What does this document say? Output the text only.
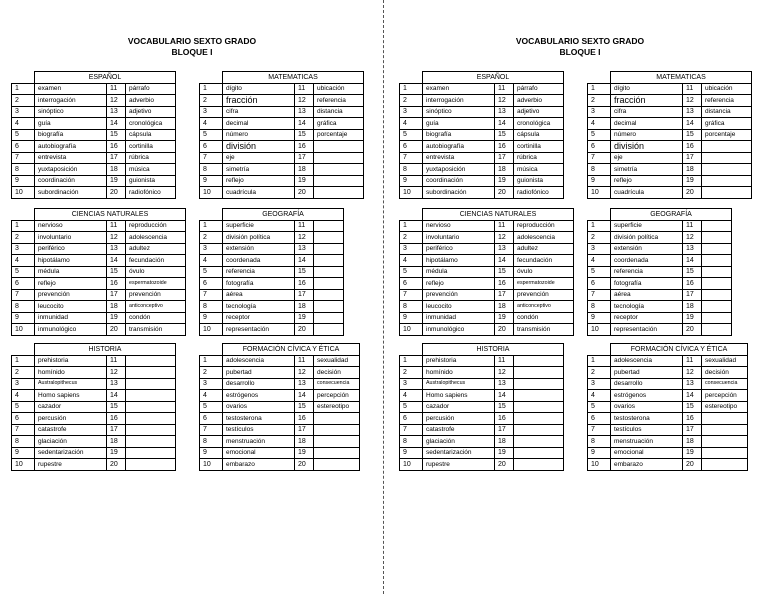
VOCABULARIO SEXTO GRADO
BLOQUE I
	ESPAÑOL		
1	examen	11	párrafo
2	interrogación	12	adverbio
3	sinóptico	13	adjetivo
4	guía	14	cronológica
5	biografía	15	cápsula
6	autobiografía	16	cortinilla
7	entrevista	17	rúbrica
8	yuxtaposición	18	música
9	coordinación	19	guionista
10	subordinación	20	radiofónico
	MATEMATICAS		
1	dígito	11	ubicación
2	fracción	12	referencia
3	cifra	13	distancia
4	decimal	14	gráfica
5	número	15	porcentaje
6	división	16	
7	eje	17	
8	simetría	18	
9	reflejo	19	
10	cuadrícula	20	
	CIENCIAS NATURALES		
1	nervioso	11	reproducción
2	involuntario	12	adolescencia
3	periférico	13	adultez
4	hipotálamo	14	fecundación
5	médula	15	óvulo
6	reflejo	16	espermatozoide
7	prevención	17	prevención
8	leucocito	18	anticonceptivo
9	inmunidad	19	condón
10	inmunológico	20	transmisión
	GEOGRAFÍA		
1	superficie	11	
2	división política	12	
3	extensión	13	
4	coordenada	14	
5	referencia	15	
6	fotografía	16	
7	aérea	17	
8	tecnología	18	
9	receptor	19	
10	representación	20	
	HISTORIA		
1	prehistoria	11	
2	homínido	12	
3	Australopithecus	13	
4	Homo sapiens	14	
5	cazador	15	
6	percusión	16	
7	catastrofe	17	
8	glaciación	18	
9	sedentarización	19	
10	rupestre	20	
	FORMACIÓN CÍVICA Y ÉTICA		
1	adolescencia	11	sexualidad
2	pubertad	12	decisión
3	desarrollo	13	consecuencia
4	estrógenos	14	percepción
5	ovarios	15	estereotipo
6	testosterona	16	
7	testículos	17	
8	menstruación	18	
9	emocional	19	
10	embarazo	20	
VOCABULARIO SEXTO GRADO
BLOQUE I
	ESPAÑOL		
1	examen	11	párrafo
2	interrogación	12	adverbio
3	sinóptico	13	adjetivo
4	guía	14	cronológica
5	biografía	15	cápsula
6	autobiografía	16	cortinilla
7	entrevista	17	rúbrica
8	yuxtaposición	18	música
9	coordinación	19	guionista
10	subordinación	20	radiofónico
	MATEMATICAS		
1	dígito	11	ubicación
2	fracción	12	referencia
3	cifra	13	distancia
4	decimal	14	gráfica
5	número	15	porcentaje
6	división	16	
7	eje	17	
8	simetría	18	
9	reflejo	19	
10	cuadrícula	20	
	CIENCIAS NATURALES		
1	nervioso	11	reproducción
2	involuntario	12	adolescencia
3	periférico	13	adultez
4	hipotálamo	14	fecundación
5	médula	15	óvulo
6	reflejo	16	espermatozoide
7	prevención	17	prevención
8	leucocito	18	anticonceptivo
9	inmunidad	19	condón
10	inmunológico	20	transmisión
	GEOGRAFÍA		
1	superficie	11	
2	división política	12	
3	extensión	13	
4	coordenada	14	
5	referencia	15	
6	fotografía	16	
7	aérea	17	
8	tecnología	18	
9	receptor	19	
10	representación	20	
	HISTORIA		
1	prehistoria	11	
2	homínido	12	
3	Australopithecus	13	
4	Homo sapiens	14	
5	cazador	15	
6	percusión	16	
7	catastrofe	17	
8	glaciación	18	
9	sedentarización	19	
10	rupestre	20	
	FORMACIÓN CÍVICA Y ÉTICA		
1	adolescencia	11	sexualidad
2	pubertad	12	decisión
3	desarrollo	13	consecuencia
4	estrógenos	14	percepción
5	ovarios	15	estereotipo
6	testosterona	16	
7	testículos	17	
8	menstruación	18	
9	emocional	19	
10	embarazo	20	
